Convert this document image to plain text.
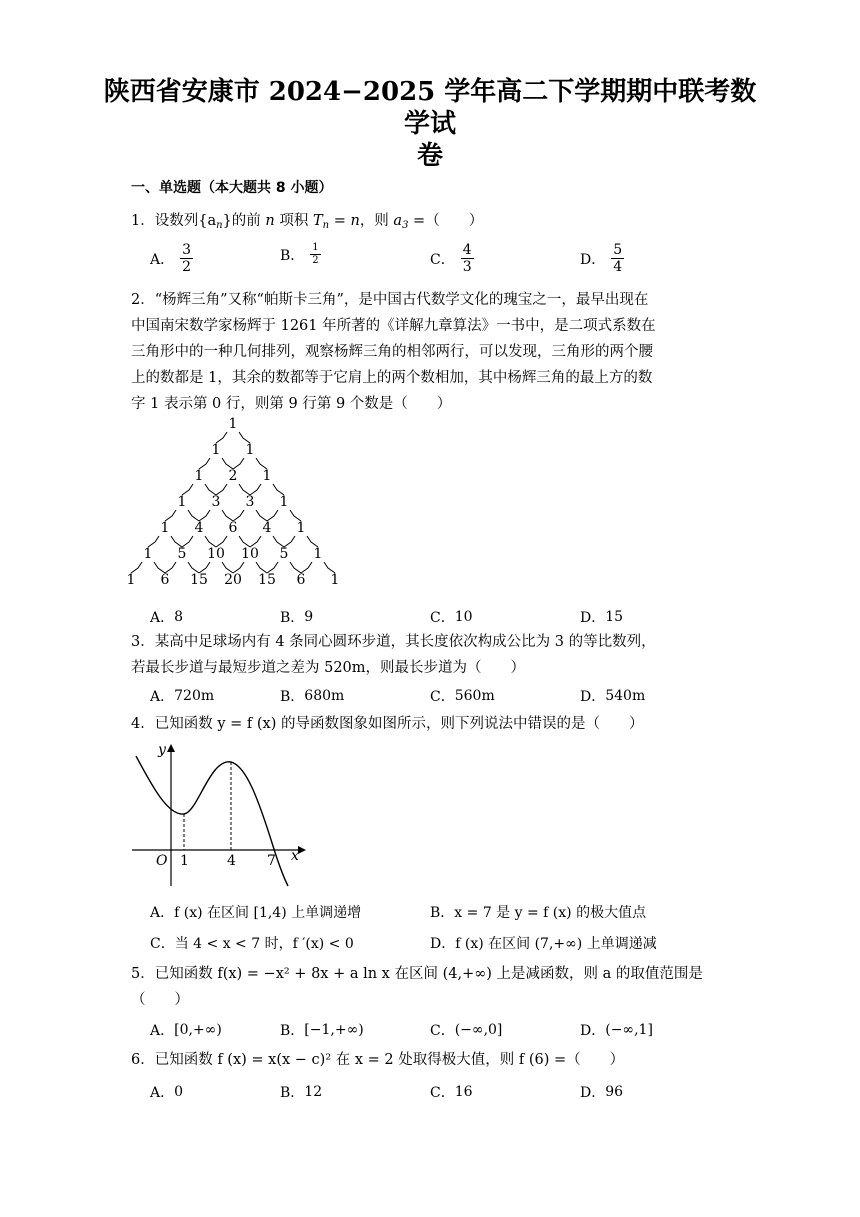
陕西省安康市 2024−2025 学年高二下学期期中联考数学试
卷
一、单选题（本大题共 8 小题）
1．设数列$\{a_n\}$的前 n 项积 $T_n = n$，则 $a_3$ =（　　）
A． $\frac{3}{2}$	B． $\frac{1}{2}$	C． $\frac{4}{3}$	D． $\frac{5}{4}$
2．“杨辉三角”又称“帕斯卡三角”，是中国古代数学文化的瑰宝之一，最早出现在
中国南宋数学家杨辉于 1261 年所著的《详解九章算法》一书中，是二项式系数在
三角形中的一种几何排列，观察杨辉三角的相邻两行，可以发现，三角形的两个腰
上的数都是 1，其余的数都等于它肩上的两个数相加，其中杨辉三角的最上方的数
字 1 表示第 0 行，则第 9 行第 9 个数是（　　）
1
1 1
1 2 1
1 3 3 1
1 4 6 4 1
1 5 10 10 5 1
1 6 15 20 15 6 1
A． 8	B． 9	C． 10	D． 15
3．某高中足球场内有 4 条同心圆环步道，其长度依次构成公比为 3 的等比数列，
若最长步道与最短步道之差为 520m，则最长步道为（　　）
A． 720m	B． 680m	C． 560m	D． 540m
4．已知函数 y = f (x) 的导函数图象如图所示，则下列说法中错误的是（　　）
y
x
O 1	4 7
A． f (x) 在区间 [1,4) 上单调递增	B． x = 7 是 y = f (x) 的极大值点
C． 当 4 < x < 7 时，f ′(x) < 0	D． f (x) 在区间 (7,+∞) 上单调递减
5．已知函数 f(x) = −x² + 8x + a ln x 在区间 (4,+∞) 上是减函数，则 a 的取值范围是
（　　）
A． [0,+∞)	B． [−1,+∞)	C． (−∞,0]	D． (−∞,1]
6．已知函数 f (x) = x(x − c)² 在 x = 2 处取得极大值，则 f (6) =（　　）
A． 0	B． 12	C． 16	D． 96
